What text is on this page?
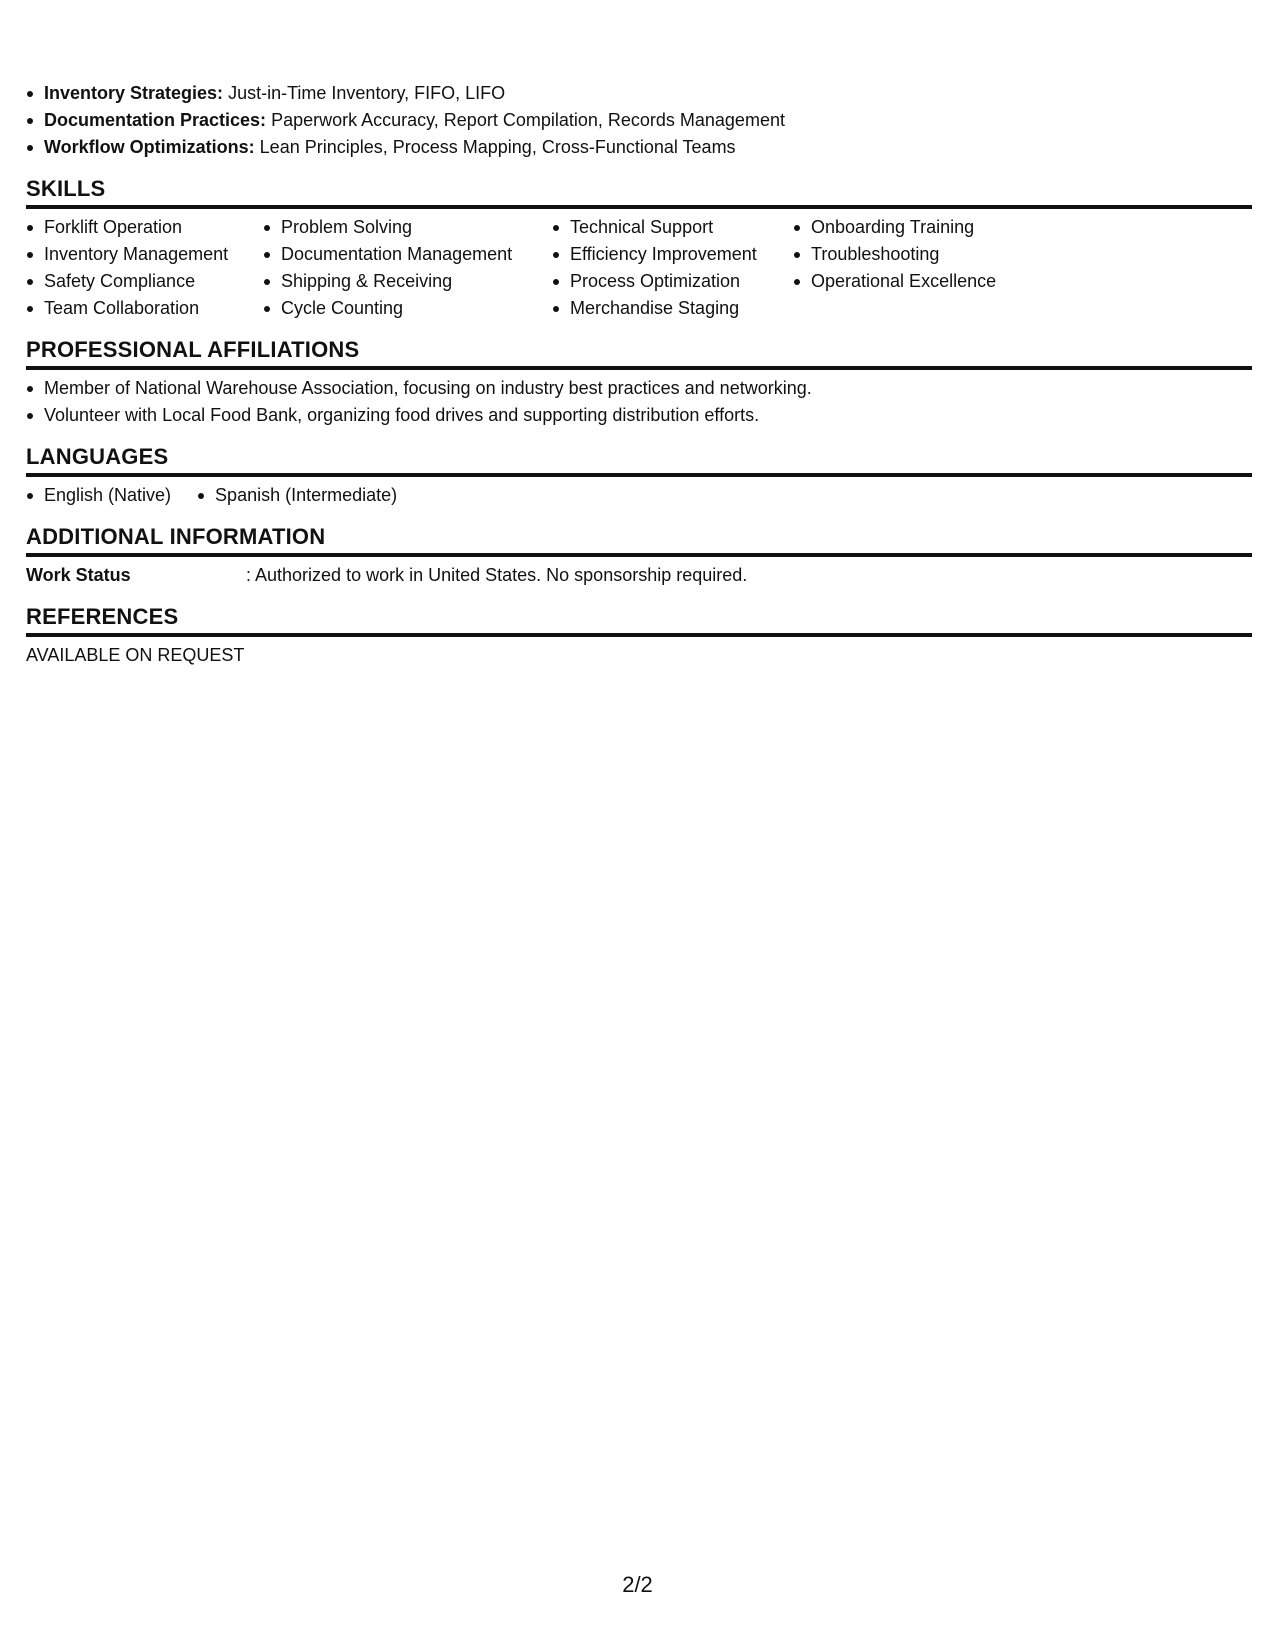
Inventory Strategies: Just-in-Time Inventory, FIFO, LIFO
Documentation Practices: Paperwork Accuracy, Report Compilation, Records Management
Workflow Optimizations: Lean Principles, Process Mapping, Cross-Functional Teams
SKILLS
Forklift Operation
Inventory Management
Safety Compliance
Team Collaboration
Problem Solving
Documentation Management
Shipping & Receiving
Cycle Counting
Technical Support
Efficiency Improvement
Process Optimization
Merchandise Staging
Onboarding Training
Troubleshooting
Operational Excellence
PROFESSIONAL AFFILIATIONS
Member of National Warehouse Association, focusing on industry best practices and networking.
Volunteer with Local Food Bank, organizing food drives and supporting distribution efforts.
LANGUAGES
English (Native)	Spanish (Intermediate)
ADDITIONAL INFORMATION
Work Status	: Authorized to work in United States. No sponsorship required.
REFERENCES
AVAILABLE ON REQUEST
2/2
